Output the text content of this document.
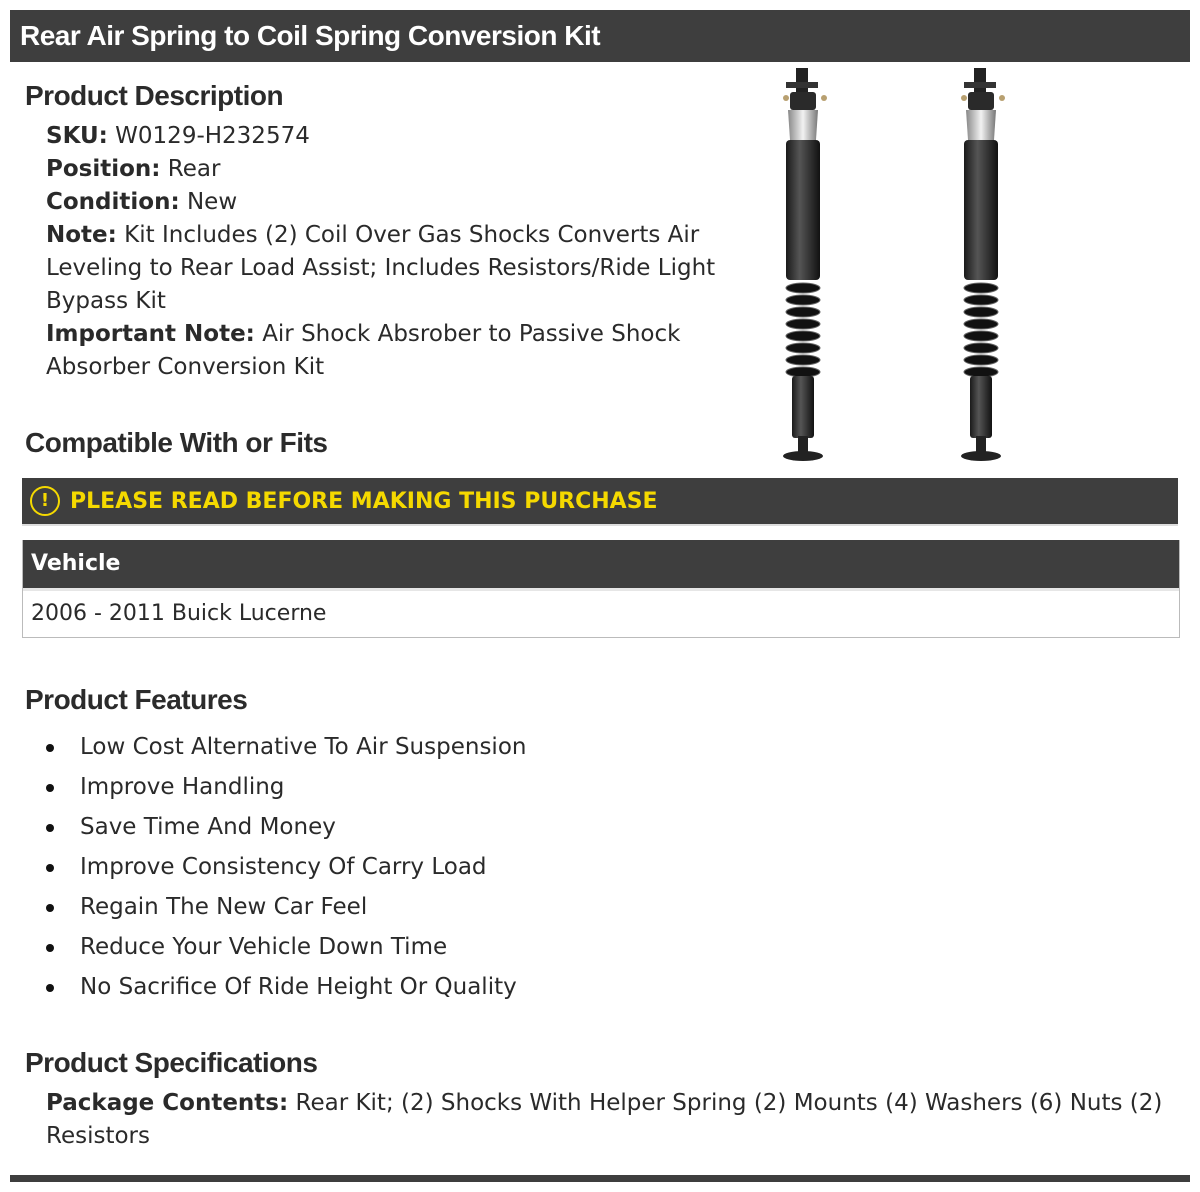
Rear Air Spring to Coil Spring Conversion Kit
Product Description

SKU: W0129-H232574

Position: Rear

Condition: New

Note: Kit Includes (2) Coil Over Gas Shocks Converts Air Leveling to Rear Load Assist; Includes Resistors/Ride Light Bypass Kit

Important Note: Air Shock Absrober to Passive Shock Absorber Conversion Kit

Compatible With or Fits
! PLEASE READ BEFORE MAKING THIS PURCHASE
Vehicle
2006 - 2011 Buick Lucerne
Product Features
Low Cost Alternative To Air Suspension
Improve Handling
Save Time And Money
Improve Consistency Of Carry Load
Regain The New Car Feel
Reduce Your Vehicle Down Time
No Sacrifice Of Ride Height Or Quality
Product Specifications
Package Contents: Rear Kit; (2) Shocks With Helper Spring (2) Mounts (4) Washers (6) Nuts (2) Resistors
